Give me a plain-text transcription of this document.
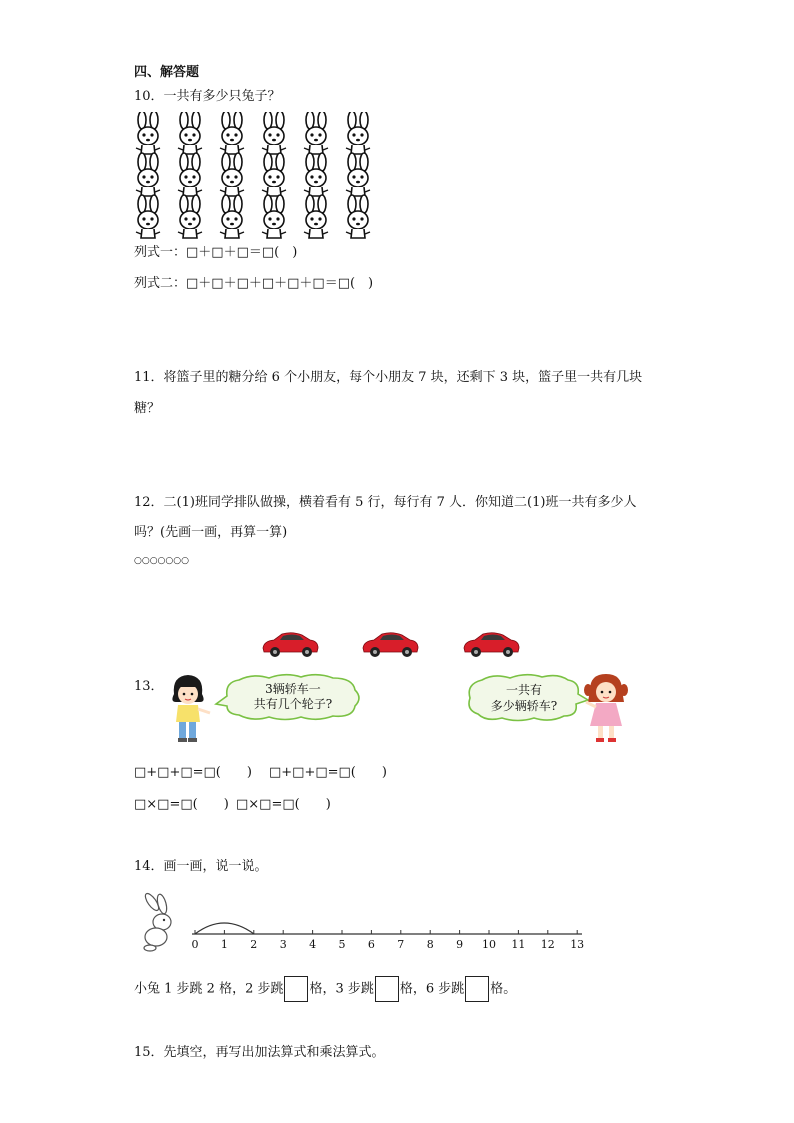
四、解答题
10．一共有多少只兔子？
列式一：□＋□＋□＝□(　)
列式二：□＋□＋□＋□＋□＋□＝□(　)
11．将篮子里的糖分给 6 个小朋友，每个小朋友 7 块，还剩下 3 块，篮子里一共有几块
糖？
12．二(1)班同学排队做操，横着看有 5 行，每行有 7 人．你知道二(1)班一共有多少人
吗？(先画一画，再算一算)
○○○○○○○
13．	3辆轿车一
共有几个轮子?
一共有
多少辆轿车?
□+□+□=□(　　) □+□+□=□(　　)
□×□=□(　　) □×□=□(　　)
14．画一画，说一说。
0 1 2 3 4 5 6 7 8 9 10 11 12 13
小兔 1 步跳 2 格，2 步跳 格，3 步跳 格，6 步跳 格。
15．先填空，再写出加法算式和乘法算式。
